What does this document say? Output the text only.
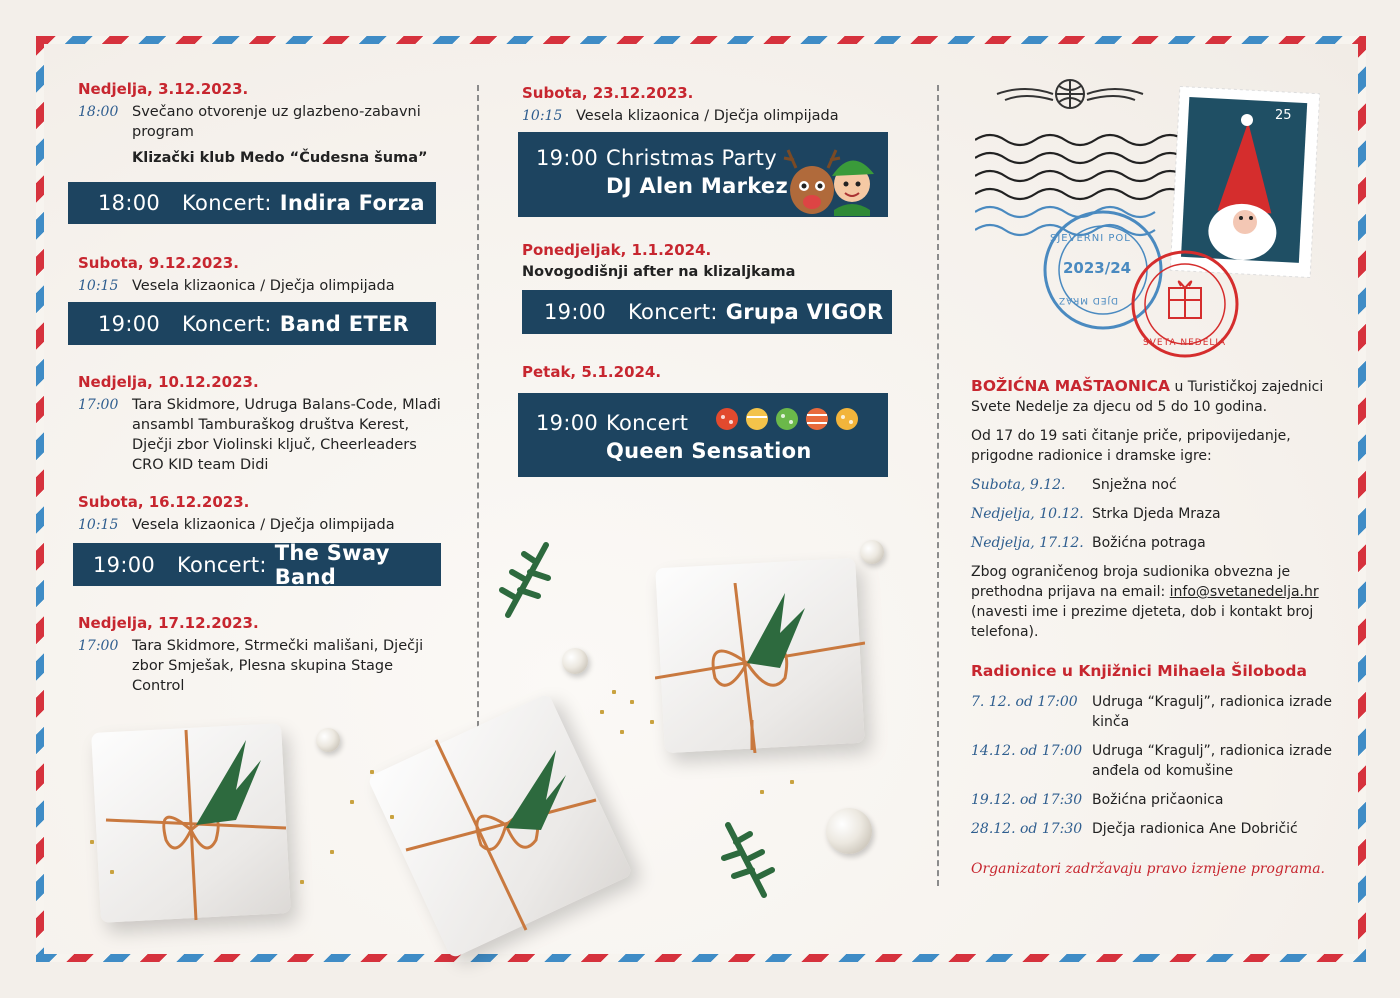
Nedjelja, 3.12.2023.
18:00 Svečano otvorenje uz glazbeno-zabavni program
Klizački klub Medo “Čudesna šuma”
18:00 Koncert: Indira Forza
Subota, 9.12.2023.
10:15 Vesela klizaonica / Dječja olimpijada
19:00 Koncert: Band ETER
Nedjelja, 10.12.2023.
17:00 Tara Skidmore, Udruga Balans-Code, Mlađi ansambl Tamburaškog društva Kerest, Dječji zbor Violinski ključ, Cheerleaders CRO KID team Didi
Subota, 16.12.2023.
10:15 Vesela klizaonica / Dječja olimpijada
19:00 Koncert: The Sway Band
Nedjelja, 17.12.2023.
17:00 Tara Skidmore, Strmečki mališani, Dječji zbor Smješak, Plesna skupina Stage Control
Subota, 23.12.2023.
10:15 Vesela klizaonica / Dječja olimpijada
19:00 Christmas Party
DJ Alen Markez
Ponedjeljak, 1.1.2024.
Novogodišnji after na klizaljkama
19:00 Koncert: Grupa VIGOR
Petak, 5.1.2024.
19:00 Koncert
Queen Sensation
25
SJEVERNI POL
2023/24
DJED MRAZ
SVETA NEDELJA

BOŽIĆNA MAŠTAONICA u Turističkoj zajednici Svete Nedelje za djecu od 5 do 10 godina.

Od 17 do 19 sati čitanje priče, pripovijedanje, prigodne radionice i dramske igre:

Subota, 9.12.	Snježna noć
Nedjelja, 10.12. Strka Djeda Mraza
Nedjelja, 17.12. Božićna potraga

Zbog ograničenog broja sudionika obvezna je prethodna prijava na email: info@svetanedelja.hr (navesti ime i prezime djeteta, dob i kontakt broj telefona).

Radionice u Knjižnici Mihaela Šiloboda
7. 12. od 17:00	Udruga “Kragulj”, radionica izrade kinča
14.12. od 17:00 Udruga “Kragulj”, radionica izrade anđela od komušine
19.12. od 17:30 Božićna pričaonica
28.12. od 17:30 Dječja radionica Ane Dobričić
Organizatori zadržavaju pravo izmjene programa.
